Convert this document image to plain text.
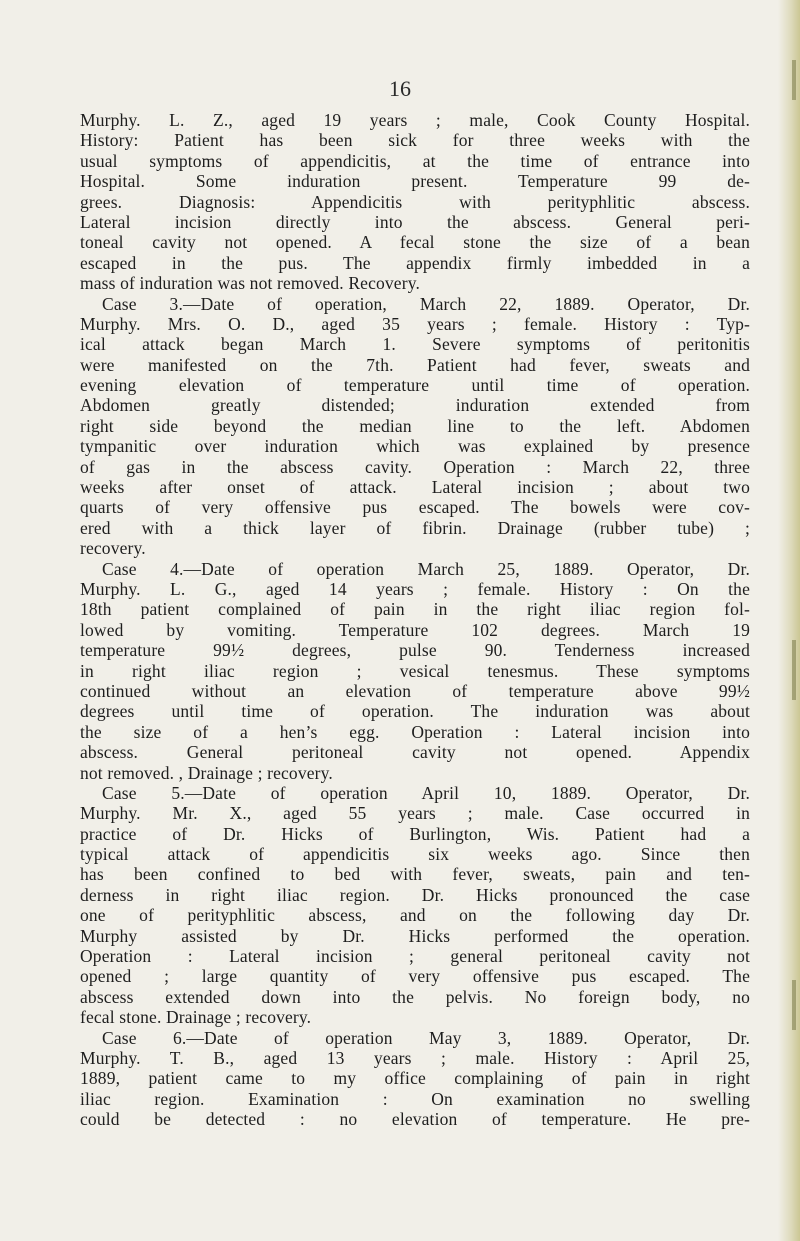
16
Murphy. L. Z., aged 19 years ; male, Cook County Hospital.
History: Patient has been sick for three weeks with the
usual symptoms of appendicitis, at the time of entrance into
Hospital. Some induration present. Temperature 99 de-
grees. Diagnosis: Appendicitis with perityphlitic abscess.
Lateral incision directly into the abscess. General peri-
toneal cavity not opened. A fecal stone the size of a bean
escaped in the pus. The appendix firmly imbedded in a
mass of induration was not removed. Recovery.
Case 3.—Date of operation, March 22, 1889. Operator, Dr.
Murphy. Mrs. O. D., aged 35 years ; female. History : Typ-
ical attack began March 1. Severe symptoms of peritonitis
were manifested on the 7th. Patient had fever, sweats and
evening elevation of temperature until time of operation.
Abdomen greatly distended; induration extended from
right side beyond the median line to the left. Abdomen
tympanitic over induration which was explained by presence
of gas in the abscess cavity. Operation : March 22, three
weeks after onset of attack. Lateral incision ; about two
quarts of very offensive pus escaped. The bowels were cov-
ered with a thick layer of fibrin. Drainage (rubber tube) ;
recovery.
Case 4.—Date of operation March 25, 1889. Operator, Dr.
Murphy. L. G., aged 14 years ; female. History : On the
18th patient complained of pain in the right iliac region fol-
lowed by vomiting. Temperature 102 degrees. March 19
temperature 99½ degrees, pulse 90. Tenderness increased
in right iliac region ; vesical tenesmus. These symptoms
continued without an elevation of temperature above 99½
degrees until time of operation. The induration was about
the size of a hen’s egg. Operation : Lateral incision into
abscess. General peritoneal cavity not opened. Appendix
not removed. , Drainage ; recovery.
Case 5.—Date of operation April 10, 1889. Operator, Dr.
Murphy. Mr. X., aged 55 years ; male. Case occurred in
practice of Dr. Hicks of Burlington, Wis. Patient had a
typical attack of appendicitis six weeks ago. Since then
has been confined to bed with fever, sweats, pain and ten-
derness in right iliac region. Dr. Hicks pronounced the case
one of perityphlitic abscess, and on the following day Dr.
Murphy assisted by Dr. Hicks performed the operation.
Operation : Lateral incision ; general peritoneal cavity not
opened ; large quantity of very offensive pus escaped. The
abscess extended down into the pelvis. No foreign body, no
fecal stone. Drainage ; recovery.
Case 6.—Date of operation May 3, 1889. Operator, Dr.
Murphy. T. B., aged 13 years ; male. History : April 25,
1889, patient came to my office complaining of pain in right
iliac region. Examination : On examination no swelling
could be detected : no elevation of temperature. He pre-
